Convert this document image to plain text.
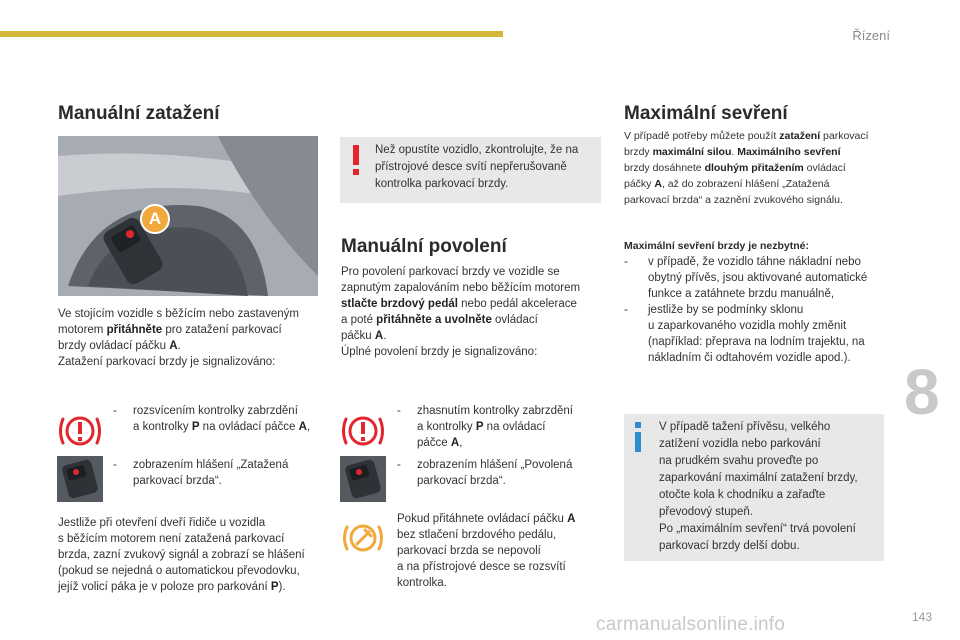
Řízení
8
Manuální zatažení
A
Ve stojícím vozidle s běžícím nebo zastaveným
motorem přitáhněte pro zatažení parkovací
brzdy ovládací páčku A.
Zatažení parkovací brzdy je signalizováno:
- rozsvícením kontrolky zabrzdění
a kontrolky P na ovládací páčce A,
- zobrazením hlášení „Zatažená
parkovací brzda“.
Jestliže při otevření dveří řidiče u vozidla
s běžícím motorem není zatažená parkovací
brzda, zazní zvukový signál a zobrazí se hlášení
(pokud se nejedná o automatickou převodovku,
jejíž volicí páka je v poloze pro parkování P).
Než opustíte vozidlo, zkontrolujte, že na
přístrojové desce svítí nepřerušovaně
kontrolka parkovací brzdy.
Manuální povolení
Pro povolení parkovací brzdy ve vozidle se
zapnutým zapalováním nebo běžícím motorem
stlačte brzdový pedál nebo pedál akcelerace
a poté přitáhněte a uvolněte ovládací
páčku A.
Úplné povolení brzdy je signalizováno:
- zhasnutím kontrolky zabrzdění
a kontrolky P na ovládací
páčce A,
- zobrazením hlášení „Povolená
parkovací brzda“.
Pokud přitáhnete ovládací páčku A
bez stlačení brzdového pedálu,
parkovací brzda se nepovolí
a na přístrojové desce se rozsvítí
kontrolka.
Maximální sevření
V případě potřeby můžete použít zatažení parkovací
brzdy maximální silou. Maximálního sevření
brzdy dosáhnete dlouhým přitažením ovládací
páčky A, až do zobrazení hlášení „Zatažená
parkovací brzda“ a zaznění zvukového signálu.
Maximální sevření brzdy je nezbytné:
- v případě, že vozidlo táhne nákladní nebo
obytný přívěs, jsou aktivované automatické
funkce a zatáhnete brzdu manuálně,
- jestliže by se podmínky sklonu
u zaparkovaného vozidla mohly změnit
(například: přeprava na lodním trajektu, na
nákladním či odtahovém vozidle apod.).
V případě tažení přívěsu, velkého
zatížení vozidla nebo parkování
na prudkém svahu proveďte po
zaparkování maximální zatažení brzdy,
otočte kola k chodníku a zařaďte
převodový stupeň.
Po „maximálním sevření“ trvá povolení
parkovací brzdy delší dobu.
carmanualsonline.info	143
